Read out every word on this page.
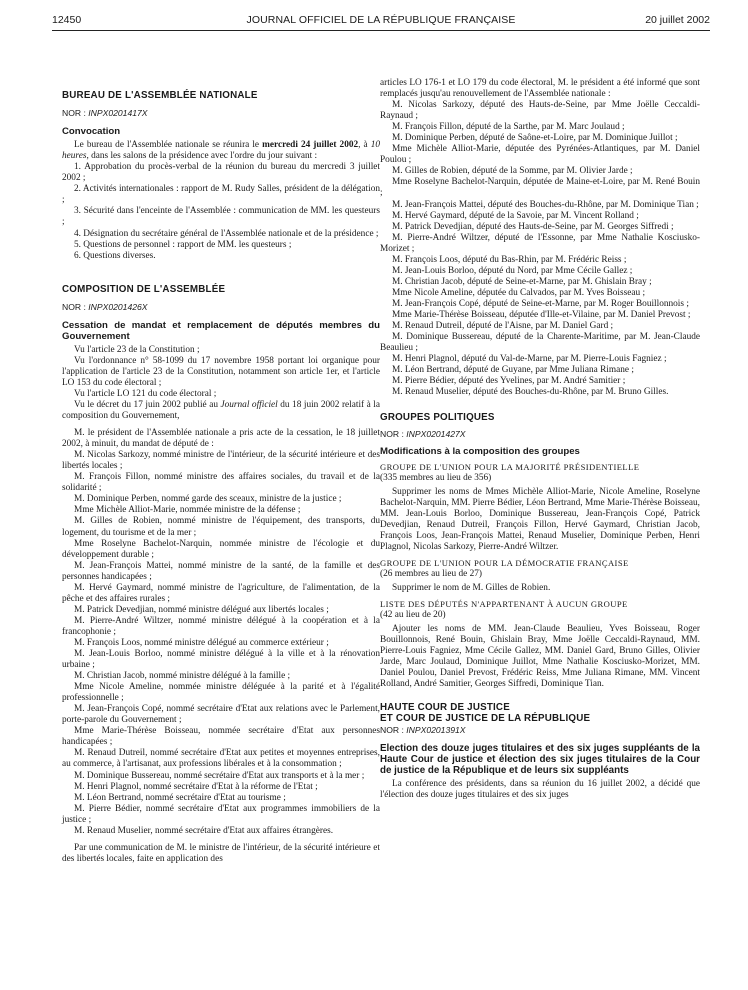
12450	JOURNAL OFFICIEL DE LA RÉPUBLIQUE FRANÇAISE	20 juillet 2002

BUREAU DE L'ASSEMBLÉE NATIONALE

NOR : INPX0201417X

Convocation

Le bureau de l'Assemblée nationale se réunira le mercredi 24 juillet 2002, à 10 heures, dans les salons de la présidence avec l'ordre du jour suivant :

1. Approbation du procès-verbal de la réunion du bureau du mercredi 3 juillet 2002 ;

2. Activités internationales : rapport de M. Rudy Salles, président de la délégation ;

3. Sécurité dans l'enceinte de l'Assemblée : communication de MM. les questeurs ;

4. Désignation du secrétaire général de l'Assemblée nationale et de la présidence ;

5. Questions de personnel : rapport de MM. les questeurs ;

6. Questions diverses.

COMPOSITION DE L'ASSEMBLÉE

NOR : INPX0201426X

Cessation de mandat et remplacement de députés membres du Gouvernement

Vu l'article 23 de la Constitution ;

Vu l'ordonnance n° 58-1099 du 17 novembre 1958 portant loi organique pour l'application de l'article 23 de la Constitution, notamment son article 1er, et l'article LO 153 du code électoral ;

Vu l'article LO 121 du code électoral ;

Vu le décret du 17 juin 2002 publié au Journal officiel du 18 juin 2002 relatif à la composition du Gouvernement,

M. le président de l'Assemblée nationale a pris acte de la cessation, le 18 juillet 2002, à minuit, du mandat de député de :

M. Nicolas Sarkozy, nommé ministre de l'intérieur, de la sécurité intérieure et des libertés locales ;

M. François Fillon, nommé ministre des affaires sociales, du travail et de la solidarité ;

M. Dominique Perben, nommé garde des sceaux, ministre de la justice ;

Mme Michèle Alliot-Marie, nommée ministre de la défense ;

M. Gilles de Robien, nommé ministre de l'équipement, des transports, du logement, du tourisme et de la mer ;

Mme Roselyne Bachelot-Narquin, nommée ministre de l'écologie et du développement durable ;

M. Jean-François Mattei, nommé ministre de la santé, de la famille et des personnes handicapées ;

M. Hervé Gaymard, nommé ministre de l'agriculture, de l'alimentation, de la pêche et des affaires rurales ;

M. Patrick Devedjian, nommé ministre délégué aux libertés locales ;

M. Pierre-André Wiltzer, nommé ministre délégué à la coopération et à la francophonie ;

M. François Loos, nommé ministre délégué au commerce extérieur ;

M. Jean-Louis Borloo, nommé ministre délégué à la ville et à la rénovation urbaine ;

M. Christian Jacob, nommé ministre délégué à la famille ;

Mme Nicole Ameline, nommée ministre déléguée à la parité et à l'égalité professionnelle ;

M. Jean-François Copé, nommé secrétaire d'Etat aux relations avec le Parlement, porte-parole du Gouvernement ;

Mme Marie-Thérèse Boisseau, nommée secrétaire d'Etat aux personnes handicapées ;

M. Renaud Dutreil, nommé secrétaire d'Etat aux petites et moyennes entreprises, au commerce, à l'artisanat, aux professions libérales et à la consommation ;

M. Dominique Bussereau, nommé secrétaire d'Etat aux transports et à la mer ;

M. Henri Plagnol, nommé secrétaire d'Etat à la réforme de l'Etat ;

M. Léon Bertrand, nommé secrétaire d'Etat au tourisme ;

M. Pierre Bédier, nommé secrétaire d'Etat aux programmes immobiliers de la justice ;

M. Renaud Muselier, nommé secrétaire d'Etat aux affaires étrangères.

Par une communication de M. le ministre de l'intérieur, de la sécurité intérieure et des libertés locales, faite en application des

articles LO 176-1 et LO 179 du code électoral, M. le président a été informé que sont remplacés jusqu'au renouvellement de l'Assemblée nationale :

M. Nicolas Sarkozy, député des Hauts-de-Seine, par Mme Joëlle Ceccaldi-Raynaud ;

M. François Fillon, député de la Sarthe, par M. Marc Joulaud ;

M. Dominique Perben, député de Saône-et-Loire, par M. Dominique Juillot ;

Mme Michèle Alliot-Marie, députée des Pyrénées-Atlantiques, par M. Daniel Poulou ;

M. Gilles de Robien, député de la Somme, par M. Olivier Jarde ;

Mme Roselyne Bachelot-Narquin, députée de Maine-et-Loire, par M. René Bouin ;

M. Jean-François Mattei, député des Bouches-du-Rhône, par M. Dominique Tian ;

M. Hervé Gaymard, député de la Savoie, par M. Vincent Rolland ;

M. Patrick Devedjian, député des Hauts-de-Seine, par M. Georges Siffredi ;

M. Pierre-André Wiltzer, député de l'Essonne, par Mme Nathalie Kosciusko-Morizet ;

M. François Loos, député du Bas-Rhin, par M. Frédéric Reiss ;

M. Jean-Louis Borloo, député du Nord, par Mme Cécile Gallez ;

M. Christian Jacob, député de Seine-et-Marne, par M. Ghislain Bray ;

Mme Nicole Ameline, députée du Calvados, par M. Yves Boisseau ;

M. Jean-François Copé, député de Seine-et-Marne, par M. Roger Bouillonnois ;

Mme Marie-Thérèse Boisseau, députée d'Ille-et-Vilaine, par M. Daniel Prevost ;

M. Renaud Dutreil, député de l'Aisne, par M. Daniel Gard ;

M. Dominique Bussereau, député de la Charente-Maritime, par M. Jean-Claude Beaulieu ;

M. Henri Plagnol, député du Val-de-Marne, par M. Pierre-Louis Fagniez ;

M. Léon Bertrand, député de Guyane, par Mme Juliana Rimane ;

M. Pierre Bédier, député des Yvelines, par M. André Samitier ;

M. Renaud Muselier, député des Bouches-du-Rhône, par M. Bruno Gilles.

GROUPES POLITIQUES

NOR : INPX0201427X

Modifications à la composition des groupes

GROUPE DE L'UNION POUR LA MAJORITÉ PRÉSIDENTIELLE

(335 membres au lieu de 356)

Supprimer les noms de Mmes Michèle Alliot-Marie, Nicole Ameline, Roselyne Bachelot-Narquin, MM. Pierre Bédier, Léon Bertrand, Mme Marie-Thérèse Boisseau, MM. Jean-Louis Borloo, Dominique Bussereau, Jean-François Copé, Patrick Devedjian, Renaud Dutreil, François Fillon, Hervé Gaymard, Christian Jacob, François Loos, Jean-François Mattei, Renaud Muselier, Dominique Perben, Henri Plagnol, Nicolas Sarkozy, Pierre-André Wiltzer.

GROUPE DE L'UNION POUR LA DÉMOCRATIE FRANÇAISE

(26 membres au lieu de 27)

Supprimer le nom de M. Gilles de Robien.

LISTE DES DÉPUTÉS N'APPARTENANT À AUCUN GROUPE

(42 au lieu de 20)

Ajouter les noms de MM. Jean-Claude Beaulieu, Yves Boisseau, Roger Bouillonnois, René Bouin, Ghislain Bray, Mme Joëlle Ceccaldi-Raynaud, MM. Pierre-Louis Fagniez, Mme Cécile Gallez, MM. Daniel Gard, Bruno Gilles, Olivier Jarde, Marc Joulaud, Dominique Juillot, Mme Nathalie Kosciusko-Morizet, MM. Daniel Poulou, Daniel Prevost, Frédéric Reiss, Mme Juliana Rimane, MM. Vincent Rolland, André Samitier, Georges Siffredi, Dominique Tian.

HAUTE COUR DE JUSTICE

ET COUR DE JUSTICE DE LA RÉPUBLIQUE

NOR : INPX0201391X

Election des douze juges titulaires et des six juges suppléants de la Haute Cour de justice et élection des six juges titulaires de la Cour de justice de la République et de leurs six suppléants

La conférence des présidents, dans sa réunion du 16 juillet 2002, a décidé que l'élection des douze juges titulaires et des six juges
